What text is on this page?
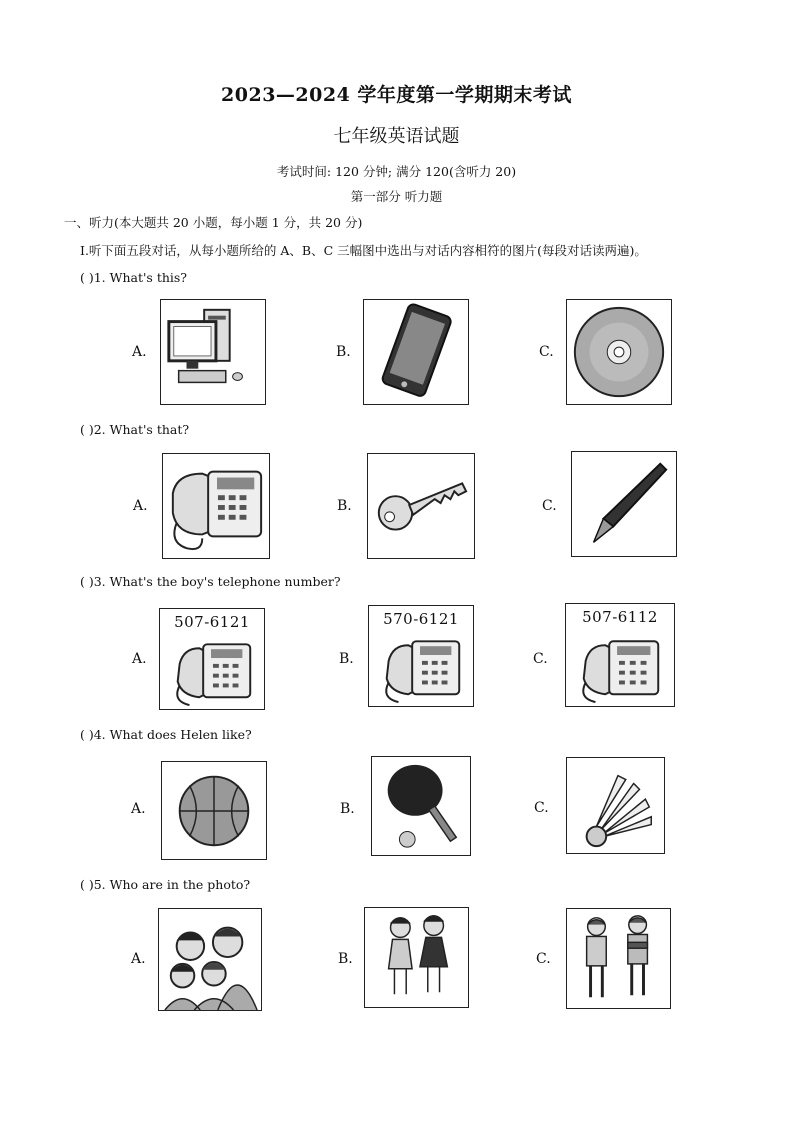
2023—2024 学年度第一学期期末考试
七年级英语试题
考试时间: 120 分钟; 满分 120(含听力 20)
第一部分 听力题
一、听力(本大题共 20 小题，每小题 1 分，共 20 分)
Ⅰ.听下面五段对话，从每小题所给的 A、B、C 三幅图中选出与对话内容相符的图片(每段对话读两遍)。
( )1. What's this?
A.	B.	C.
( )2. What's that?
A.	B.	C.
( )3. What's the boy's telephone number?
A.
507-6121
B.
570-6121
C.
507-6112
( )4. What does Helen like?
A.	B.	C.
( )5. Who are in the photo?
A.	B.	C.
